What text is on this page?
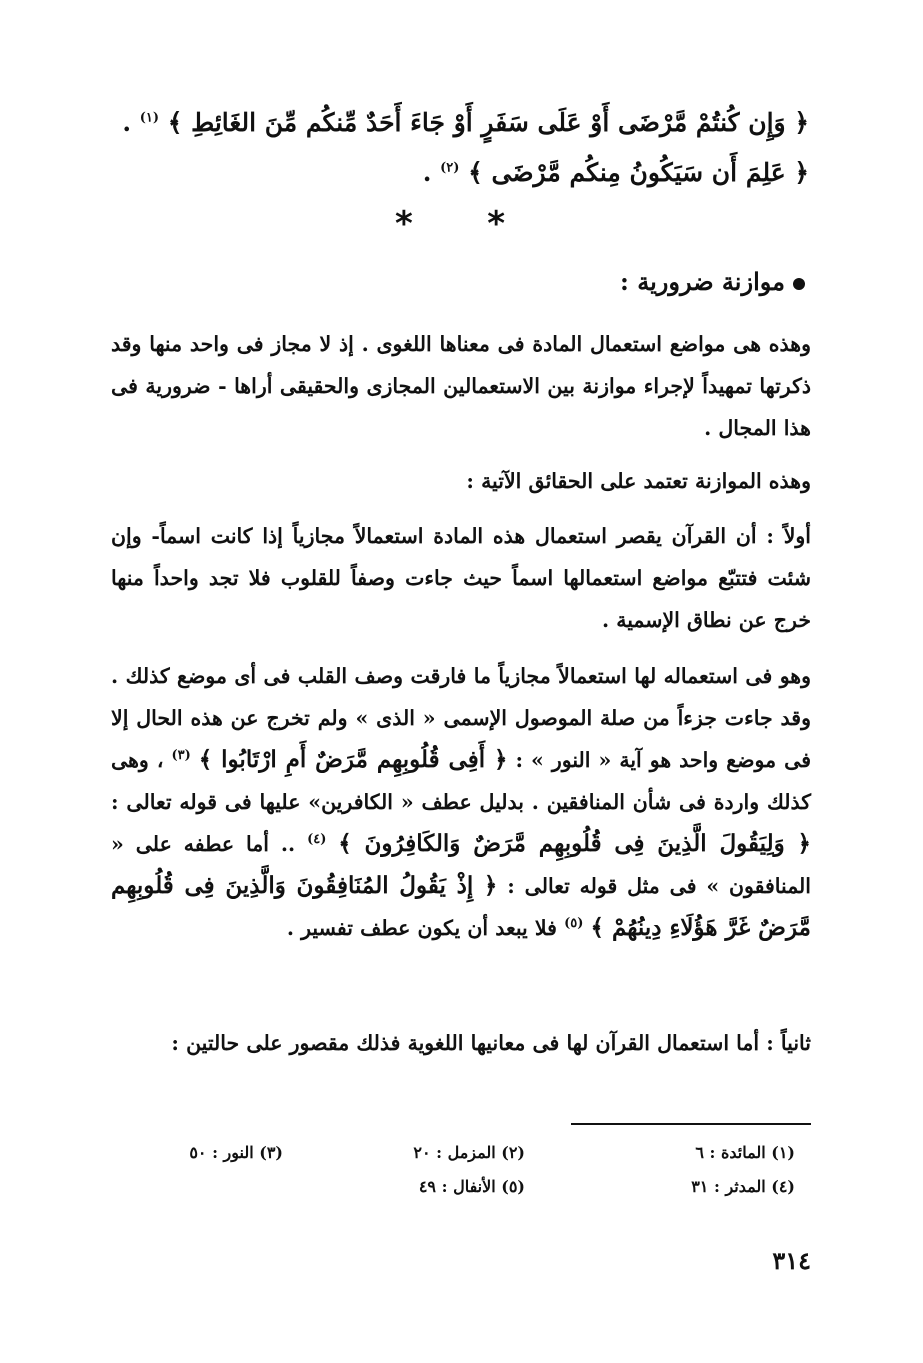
﴿ وَإِن كُنتُمْ مَّرْضَى أَوْ عَلَى سَفَرٍ أَوْ جَاءَ أَحَدٌ مِّنكُم مِّنَ الغَائِطِ ﴾ $^{(١)}$ .
﴿ عَلِمَ أَن سَيَكُونُ مِنكُم مَّرْضَى ﴾ $^{(٢)}$ .
*
*
موازنة ضرورية :
وهذه هى مواضع استعمال المادة فى معناها اللغوى . إذ لا مجاز فى واحد منها وقد ذكرتها تمهيداً لإجراء موازنة بين الاستعمالين المجازى والحقيقى أراها - ضرورية فى هذا المجال .
وهذه الموازنة تعتمد على الحقائق الآتية :
أولاً : أن القرآن يقصر استعمال هذه المادة استعمالاً مجازياً إذا كانت اسماً- وإن شئت فتتبّع مواضع استعمالها اسماً حيث جاءت وصفاً للقلوب فلا تجد واحداً منها خرج عن نطاق الإسمية .
وهو فى استعماله لها استعمالاً مجازياً ما فارقت وصف القلب فى أى موضع كذلك . وقد جاءت جزءاً من صلة الموصول الإسمى « الذى » ولم تخرج عن هذه الحال إلا فى موضع واحد هو آية « النور » : ﴿ أَفِى قُلُوبِهِم مَّرَضٌ أَمِ ارْتَابُوا ﴾ $^{(٣)}$ ، وهى كذلك واردة فى شأن المنافقين . بدليل عطف « الكافرين» عليها فى قوله تعالى : ﴿ وَلِيَقُولَ الَّذِينَ فِى قُلُوبِهِم مَّرَضٌ وَالكَافِرُونَ ﴾ $^{(٤)}$ .. أما عطفه على « المنافقون » فى مثل قوله تعالى : ﴿ إِذْ يَقُولُ المُنَافِقُونَ وَالَّذِينَ فِى قُلُوبِهِم مَّرَضٌ غَرَّ هَؤُلَاءِ دِينُهُمْ ﴾ $^{(٥)}$ فلا يبعد أن يكون عطف تفسير .
ثانياً : أما استعمال القرآن لها فى معانيها اللغوية فذلك مقصور على حالتين :
(١) المائدة : ٦
(٢) المزمل : ٢٠
(٣) النور : ٥٠
(٤) المدثر : ٣١
(٥) الأنفال : ٤٩
٣١٤
